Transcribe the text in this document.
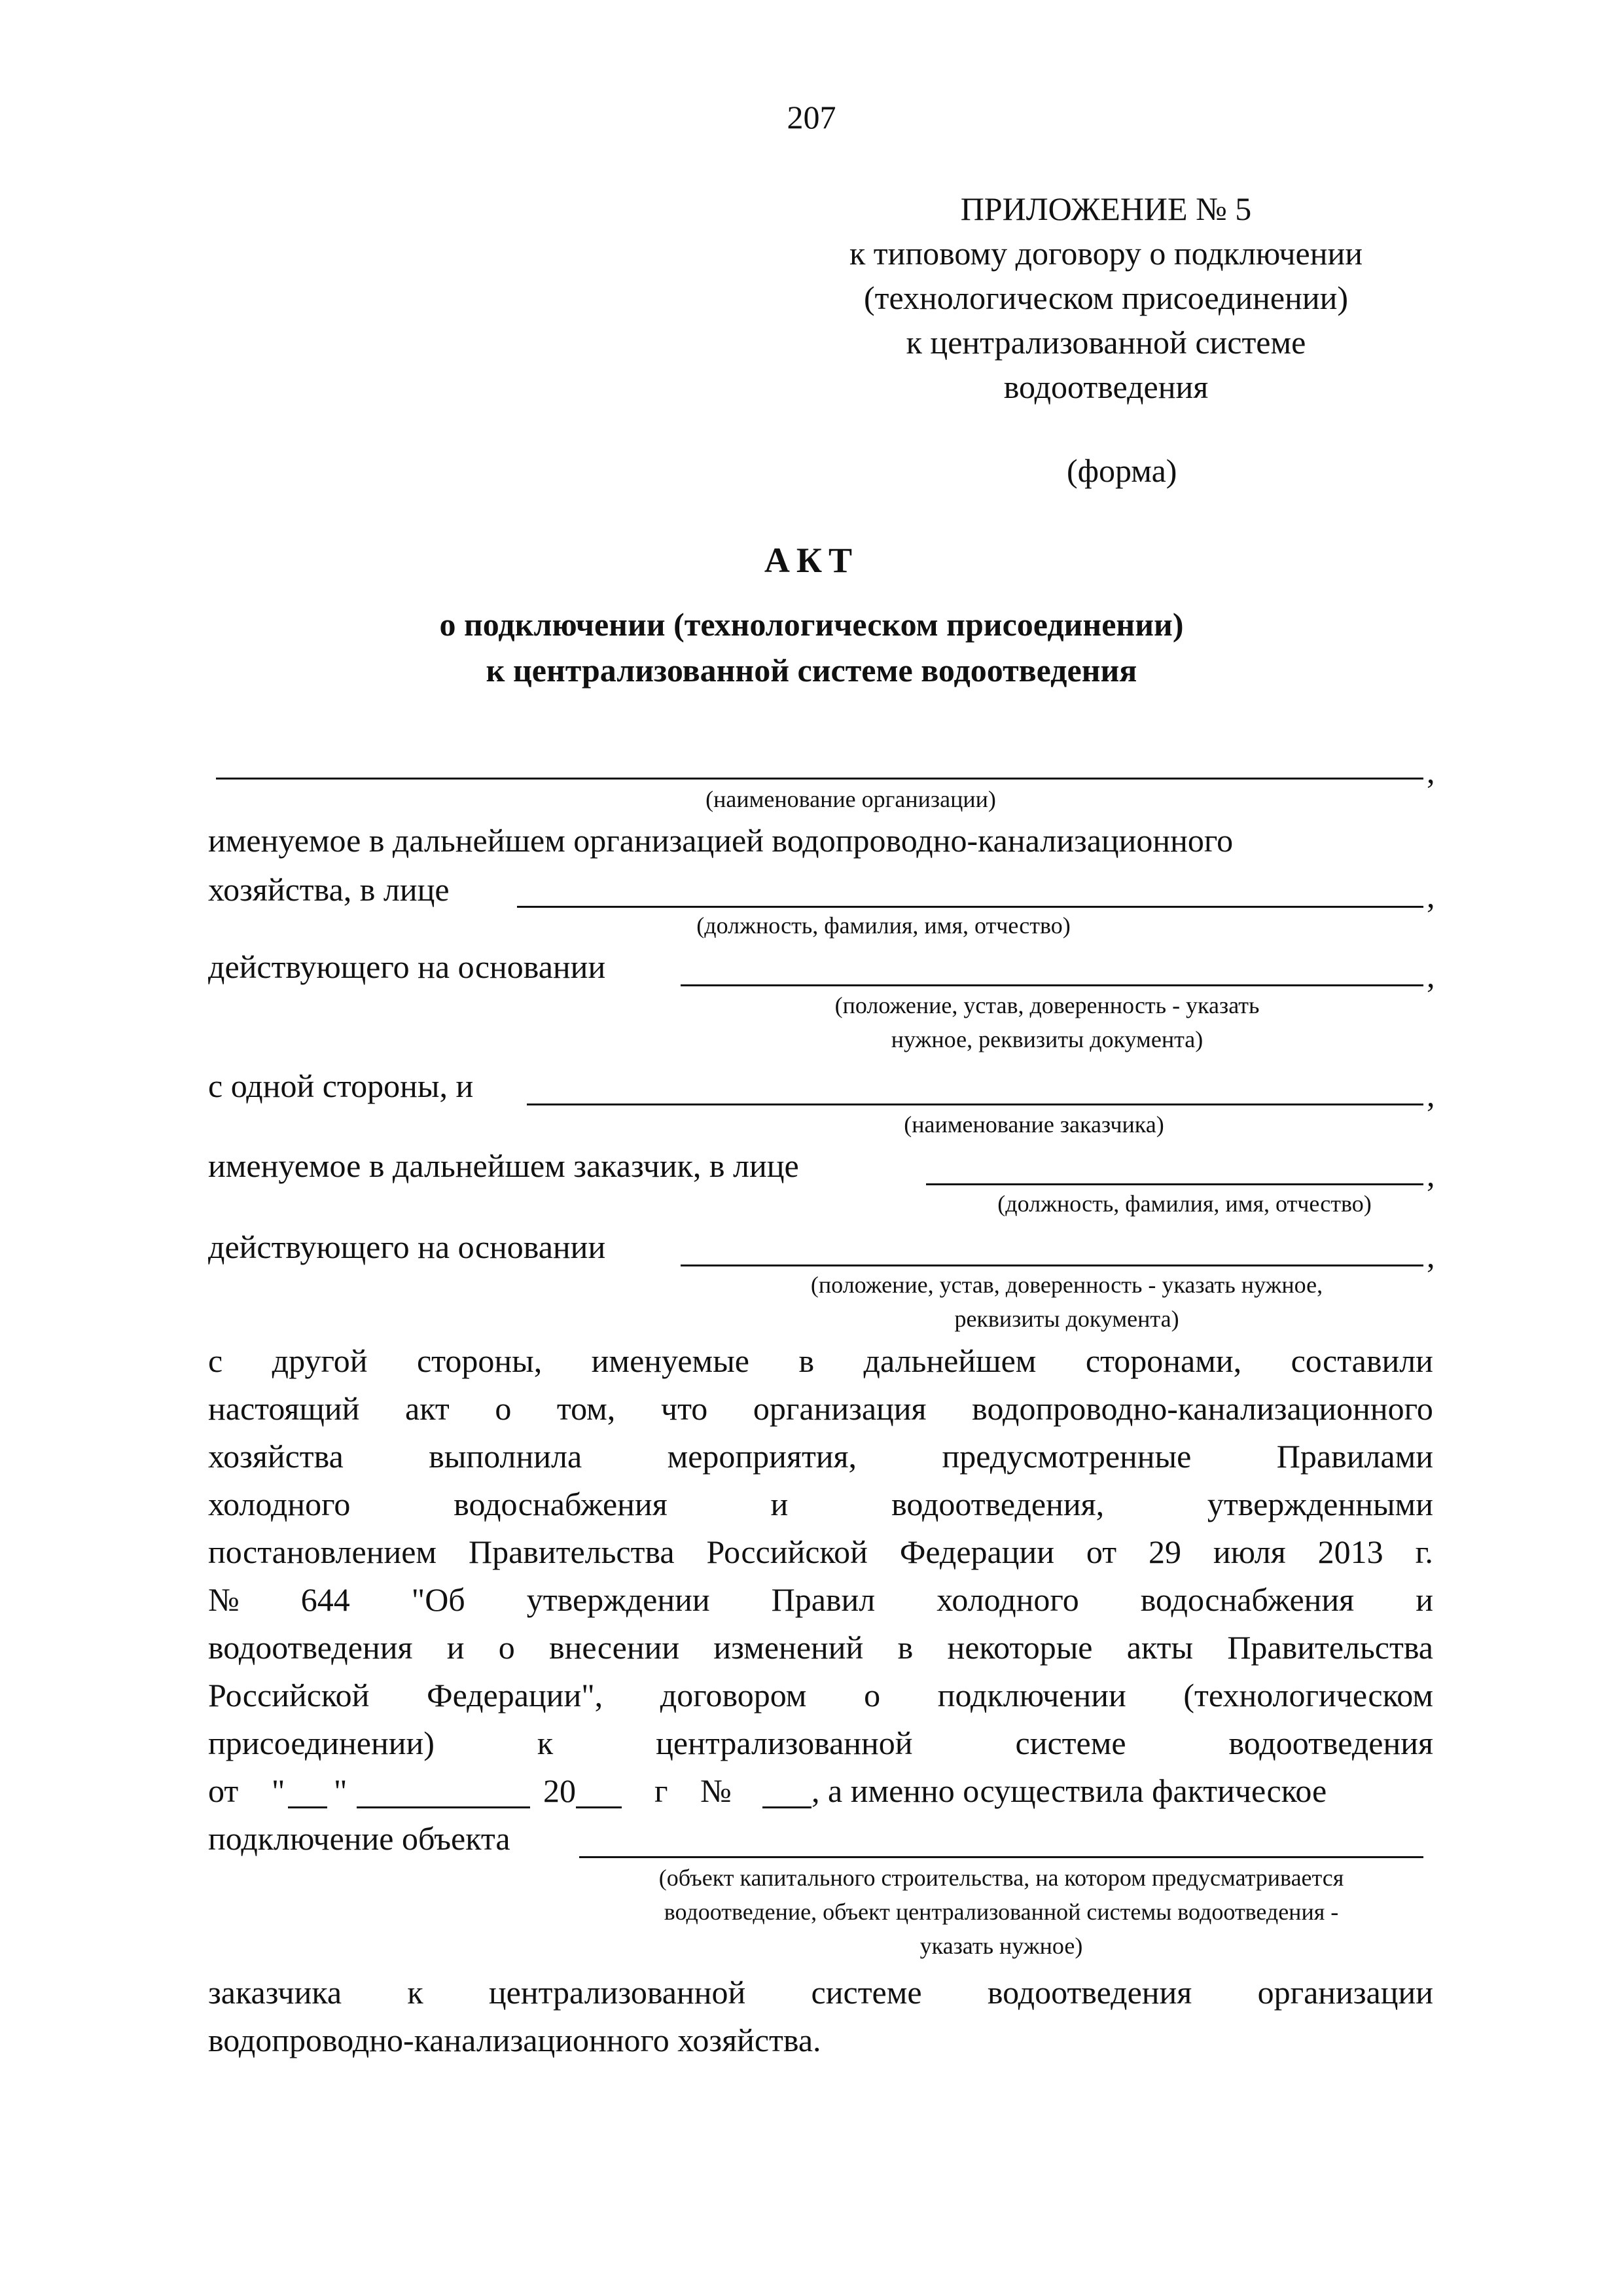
207
ПРИЛОЖЕНИЕ № 5
к типовому договору о подключении
(технологическом присоединении)
к централизованной системе
водоотведения
(форма)
АКТ
о подключении (технологическом присоединении)
к централизованной системе водоотведения
,
(наименование организации)
именуемое в дальнейшем организацией водопроводно-канализационного
хозяйства, в лице	,
(должность, фамилия, имя, отчество)
действующего на основании	,
(положение, устав, доверенность - указать
нужное, реквизиты документа)
с одной стороны, и	,
(наименование заказчика)
именуемое в дальнейшем заказчик, в лице	,
(должность, фамилия, имя, отчество)
действующего на основании	,
(положение, устав, доверенность - указать нужное,
реквизиты документа)
с другой стороны, именуемые в дальнейшем сторонами, составили
настоящий акт о том, что организация водопроводно-канализационного
хозяйства	выполнила	мероприятия,	предусмотренные	Правилами
холодного	водоснабжения	и	водоотведения,	утвержденными
постановлением Правительства Российской Федерации от 29 июля 2013 г.
№ 644 "Об утверждении Правил холодного водоснабжения и
водоотведения и о внесении изменений в некоторые акты Правительства
Российской Федерации", договором о подключении (технологическом
присоединении)	к	централизованной	системе	водоотведения
от " "	20 г № , а именно осуществила фактическое
подключение объекта
(объект капитального строительства, на котором предусматривается
водоотведение, объект централизованной системы водоотведения -
указать нужное)
заказчика к централизованной системе водоотведения организации
водопроводно-канализационного хозяйства.
